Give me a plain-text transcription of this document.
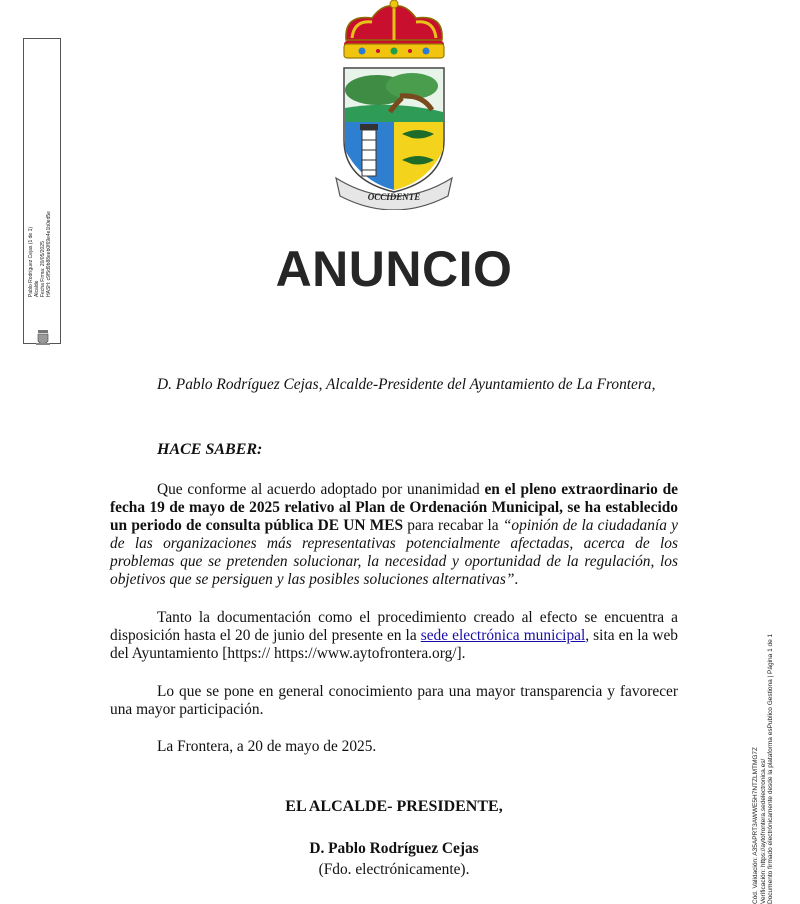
Pablo Rodríguez Cejas (1 de 1) Alcalde Fecha Firma: 20/05/2025 HASH: c9f5d9b88eeb0f69e4e1b0ed5e
Cód. Validación: A35APRT3AWWE5H7NTZLMTMG7Z Verificación: https://aytofrontera.sedelectronica.es/ Documento firmado electrónicamente desde la plataforma esPublico Gestiona | Página 1 de 1
OCCIDENTE
ANUNCIO
D. Pablo Rodríguez Cejas, Alcalde-Presidente del Ayuntamiento de La Frontera,
HACE SABER:
Que conforme al acuerdo adoptado por unanimidad en el pleno extraordinario de fecha 19 de mayo de 2025 relativo al Plan de Ordenación Municipal, se ha establecido un periodo de consulta pública DE UN MES para recabar la “opinión de la ciudadanía y de las organizaciones más representativas potencialmente afectadas, acerca de los problemas que se pretenden solucionar, la necesidad y oportunidad de la regulación, los objetivos que se persiguen y las posibles soluciones alternativas”.
Tanto la documentación como el procedimiento creado al efecto se encuentra a disposición hasta el 20 de junio del presente en la sede electrónica municipal, sita en la web del Ayuntamiento [https:// https://www.aytofrontera.org/].
Lo que se pone en general conocimiento para una mayor transparencia y favorecer una mayor participación.
La Frontera, a 20 de mayo de 2025.
EL ALCALDE- PRESIDENTE,
D. Pablo Rodríguez Cejas
(Fdo. electrónicamente).
